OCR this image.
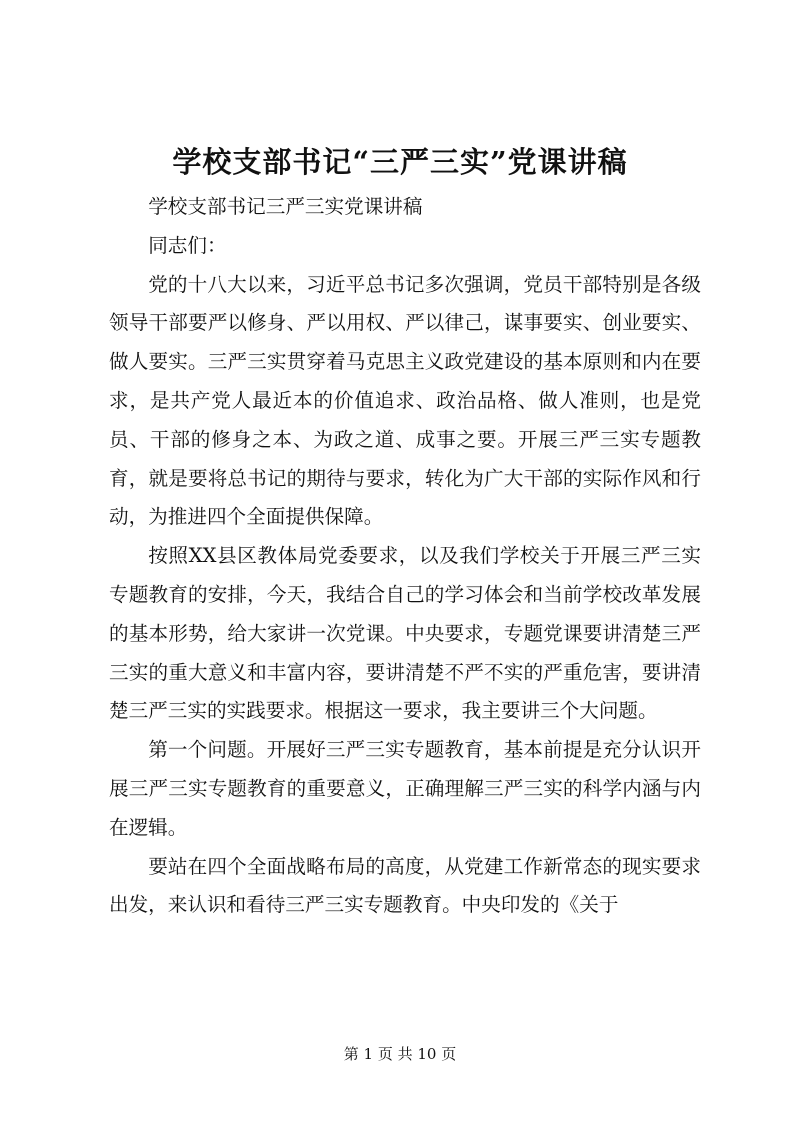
学校支部书记“三严三实”党课讲稿

学校支部书记三严三实党课讲稿

同志们：

党的十八大以来，习近平总书记多次强调，党员干部特别是各级领导干部要严以修身、严以用权、严以律己，谋事要实、创业要实、做人要实。三严三实贯穿着马克思主义政党建设的基本原则和内在要求，是共产党人最近本的价值追求、政治品格、做人准则，也是党员、干部的修身之本、为政之道、成事之要。开展三严三实专题教育，就是要将总书记的期待与要求，转化为广大干部的实际作风和行动，为推进四个全面提供保障。

按照XX县区教体局党委要求，以及我们学校关于开展三严三实专题教育的安排，今天，我结合自己的学习体会和当前学校改革发展的基本形势，给大家讲一次党课。中央要求，专题党课要讲清楚三严三实的重大意义和丰富内容，要讲清楚不严不实的严重危害，要讲清楚三严三实的实践要求。根据这一要求，我主要讲三个大问题。

第一个问题。开展好三严三实专题教育，基本前提是充分认识开展三严三实专题教育的重要意义，正确理解三严三实的科学内涵与内在逻辑。

要站在四个全面战略布局的高度，从党建工作新常态的现实要求出发，来认识和看待三严三实专题教育。中央印发的《关于

第 1 页 共 10 页
